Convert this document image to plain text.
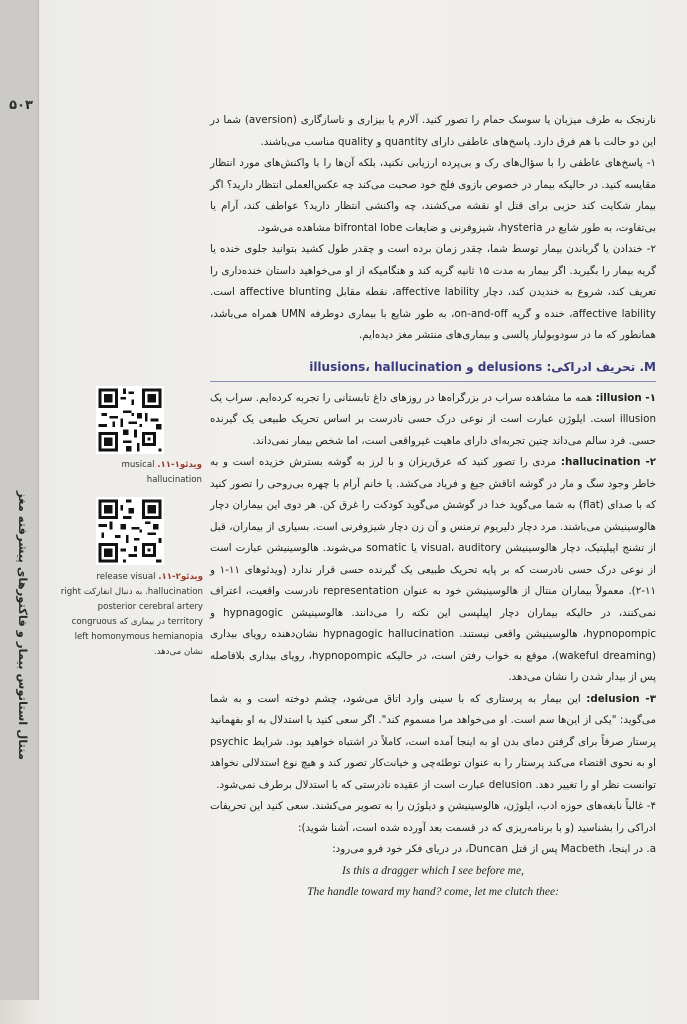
۵۰۳
منتال استاتوس بیمار و فاکتورهای پیشرفته مغز
ویدئو۱-۱۱. musical hallucination
ویدئو۲-۱۱. release visual hallucination. به دنبال انفارکت right posterior cerebral artery territory در بیماری که congruous left homonymous hemianopia نشان می‌دهد.

نارنجک به طرف میزبان یا سوسک حمام را تصور کنید. آلارم یا بیزاری و ناسازگاری (aversion) شما در این دو حالت با هم فرق دارد. پاسخ‌های عاطفی دارای quantity و quality مناسب می‌باشند.

۱- پاسخ‌های عاطفی را با سؤال‌های رک و بی‌پرده ارزیابی نکنید، بلکه آن‌ها را با واکنش‌های مورد انتظار مقایسه کنید. در حالیکه بیمار در خصوص بازوی فلج خود صحبت می‌کند چه عکس‌العملی انتظار دارید؟ اگر بیمار شکایت کند حزبی برای قتل او نقشه می‌کشند، چه واکنشی انتظار دارید؟ عواطف کند، آرام یا بی‌تفاوت، به طور شایع در hysteria، شیزوفرنی و ضایعات bifrontal lobe مشاهده می‌شود.

۲- خندادن یا گریاندن بیمار توسط شما، چقدر زمان برده است و چقدر طول کشید بتوانید جلوی خنده یا گریه بیمار را بگیرید. اگر بیمار به مدت ۱۵ ثانیه گریه کند و هنگامیکه از او می‌خواهید داستان خنده‌داری را تعریف کند، شروع به خندیدن کند، دچار affective lability، نقطه مقابل affective blunting است. affective lability، خنده و گریه on-and-off، به طور شایع با بیماری دوطرفه UMN همراه می‌باشد، همانطور که ما در سودوبولبار پالسی و بیماری‌های منتشر مغز دیده‌ایم.

M. تحریف ادراکی: delusions و illusions، hallucination

۱- illusion: همه ما مشاهده سراب در بزرگراه‌ها در روزهای داغ تابستانی را تجربه کرده‌ایم. سراب یک illusion است. ایلوژن عبارت است از نوعی درک حسی نادرست بر اساس تحریک طبیعی یک گیرنده حسی. فرد سالم می‌داند چنین تجربه‌ای دارای ماهیت غیرواقعی است، اما شخص بیمار نمی‌داند.

۲- hallucination: مردی را تصور کنید که عرق‌ریزان و با لرز به گوشه بسترش خزیده است و به خاطر وجود سگ و مار در گوشه اتاقش جیغ و فریاد می‌کشد. یا خانم آرام با چهره بی‌روحی را تصور کنید که با صدای (flat) به شما می‌گوید خدا در گوشش می‌گوید کودکت را غرق کن. هر دوی این بیماران دچار هالوسینیشن می‌باشند. مرد دچار دلیریوم ترمنس و آن زن دچار شیزوفرنی است. بسیاری از بیماران، قبل از تشنج اپیلپتیک، دچار هالوسینیشن visual، auditory یا somatic می‌شوند. هالوسینیشن عبارت است از نوعی درک حسی نادرست که بر پایه تحریک طبیعی یک گیرنده حسی قرار ندارد (ویدئوهای ۱۱-۱ و ۱۱-۲). معمولاً بیماران منتال از هالوسینیشن خود به عنوان representation نادرست واقعیت، اعتراف نمی‌کنند، در حالیکه بیماران دچار اپیلپسی این نکته را می‌دانند. هالوسینیشن hypnagogic و hypnopompic، هالوسینیشن واقعی نیستند. hypnagogic hallucination نشان‌دهنده رویای بیداری (wakeful dreaming)، موقع به خواب رفتن است، در حالیکه hypnopompic، رویای بیداری بلافاصله پس از بیدار شدن را نشان می‌دهد.

۳- delusion: این بیمار به پرستاری که با سینی وارد اتاق می‌شود، چشم دوخته است و به شما می‌گوید: "یکی از این‌ها سم است. او می‌خواهد مرا مسموم کند". اگر سعی کنید با استدلال به او بفهمانید پرستار صرفاً برای گرفتن دمای بدن او به اینجا آمده است، کاملاً در اشتباه خواهید بود. شرایط psychic او به نحوی اقتضاء می‌کند پرستار را به عنوان توطئه‌چی و خیانت‌کار تصور کند و هیچ نوع استدلالی نخواهد توانست نظر او را تغییر دهد. delusion عبارت است از عقیده نادرستی که با استدلال برطرف نمی‌شود.

۴- غالباً نابغه‌های حوزه ادب، ایلوژن، هالوسینیشن و دیلوژن را به تصویر می‌کشند. سعی کنید این تحریفات ادراکی را بشناسید (و با برنامه‌ریزی که در قسمت بعد آورده شده است، آشنا شوید):

a. در اینجا، Macbeth پس از قتل Duncan، در دریای فکر خود فرو می‌رود:

Is this a dragger which I see before me,
The handle toward my hand? come, let me clutch thee:
